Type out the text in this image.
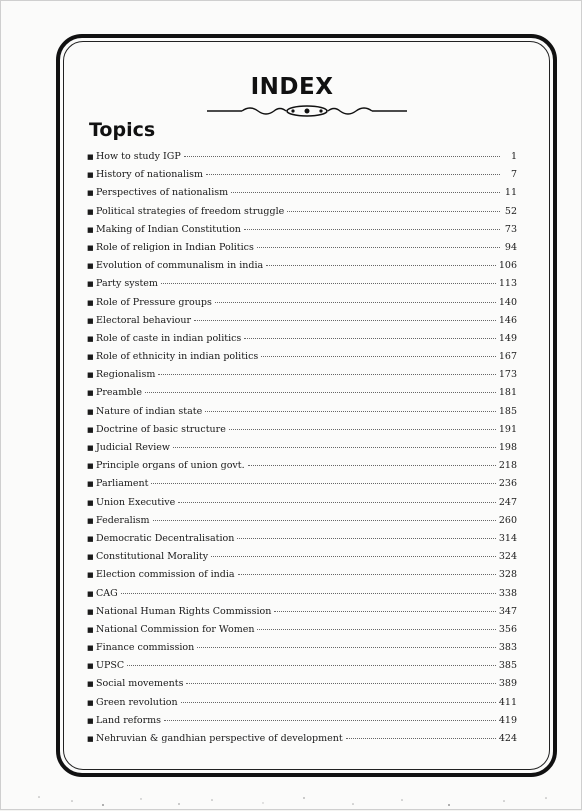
INDEX
Topics
■ How to study IGP	1
■ History of nationalism	7
■ Perspectives of nationalism	11
■ Political strategies of freedom struggle	52
■ Making of Indian Constitution	73
■ Role of religion in Indian Politics	94
■ Evolution of communalism in india	106
■ Party system	113
■ Role of Pressure groups	140
■ Electoral behaviour	146
■ Role of caste in indian politics	149
■ Role of ethnicity in indian politics	167
■ Regionalism	173
■ Preamble	181
■ Nature of indian state	185
■ Doctrine of basic structure	191
■ Judicial Review	198
■ Principle organs of union govt.	218
■ Parliament	236
■ Union Executive	247
■ Federalism	260
■ Democratic Decentralisation	314
■ Constitutional Morality	324
■ Election commission of india	328
■ CAG	338
■ National Human Rights Commission	347
■ National Commission for Women	356
■ Finance commission	383
■ UPSC	385
■ Social movements	389
■ Green revolution	411
■ Land reforms	419
■ Nehruvian & gandhian perspective of development	424
